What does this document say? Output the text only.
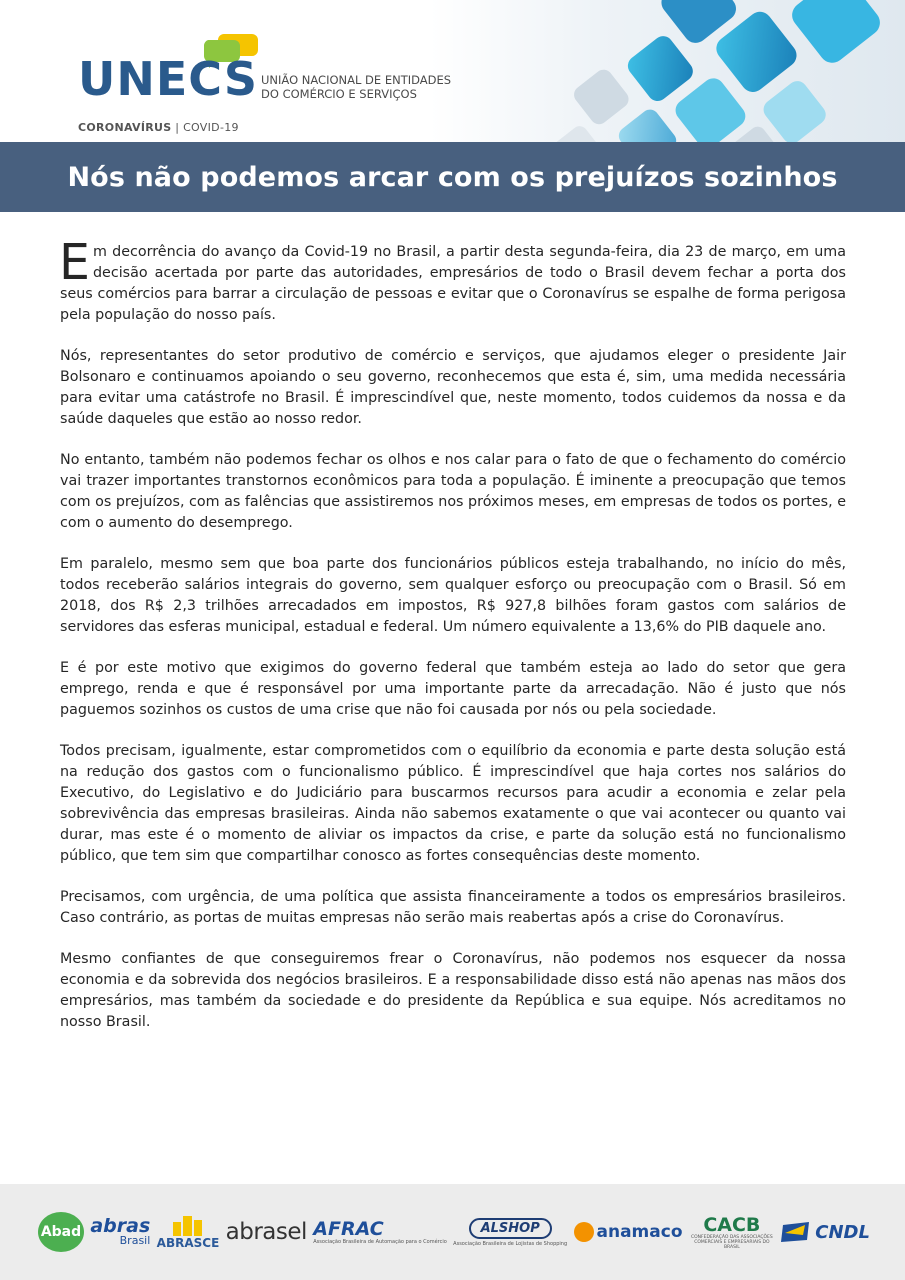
UNECS UNIÃO NACIONAL DE ENTIDADES
DO COMÉRCIO E SERVIÇOS
CORONAVÍRUS | COVID-19
Nós não podemos arcar com os prejuízos sozinhos

Em decorrência do avanço da Covid-19 no Brasil, a partir desta segunda-feira, dia 23 de março, em uma decisão acertada por parte das autoridades, empresários de todo o Brasil devem fechar a porta dos seus comércios para barrar a circulação de pessoas e evitar que o Coronavírus se espalhe de forma perigosa pela população do nosso país.

Nós, representantes do setor produtivo de comércio e serviços, que ajudamos eleger o presidente Jair Bolsonaro e continuamos apoiando o seu governo, reconhecemos que esta é, sim, uma medida necessária para evitar uma catástrofe no Brasil. É imprescindível que, neste momento, todos cuidemos da nossa e da saúde daqueles que estão ao nosso redor.

No entanto, também não podemos fechar os olhos e nos calar para o fato de que o fechamento do comércio vai trazer importantes transtornos econômicos para toda a população. É iminente a preocupação que temos com os prejuízos, com as falências que assistiremos nos próximos meses, em empresas de todos os portes, e com o aumento do desemprego.

Em paralelo, mesmo sem que boa parte dos funcionários públicos esteja trabalhando, no início do mês, todos receberão salários integrais do governo, sem qualquer esforço ou preocupação com o Brasil. Só em 2018, dos R$ 2,3 trilhões arrecadados em impostos, R$ 927,8 bilhões foram gastos com salários de servidores das esferas municipal, estadual e federal. Um número equivalente a 13,6% do PIB daquele ano.

E é por este motivo que exigimos do governo federal que também esteja ao lado do setor que gera emprego, renda e que é responsável por uma importante parte da arrecadação. Não é justo que nós paguemos sozinhos os custos de uma crise que não foi causada por nós ou pela sociedade.

Todos precisam, igualmente, estar comprometidos com o equilíbrio da economia e parte desta solução está na redução dos gastos com o funcionalismo público. É imprescindível que haja cortes nos salários do Executivo, do Legislativo e do Judiciário para buscarmos recursos para acudir a economia e zelar pela sobrevivência das empresas brasileiras. Ainda não sabemos exatamente o que vai acontecer ou quanto vai durar, mas este é o momento de aliviar os impactos da crise, e parte da solução está no funcionalismo público, que tem sim que compartilhar conosco as fortes consequências deste momento.

Precisamos, com urgência, de uma política que assista financeiramente a todos os empresários brasileiros. Caso contrário, as portas de muitas empresas não serão mais reabertas após a crise do Coronavírus.

Mesmo confiantes de que conseguiremos frear o Coronavírus, não podemos nos esquecer da nossa economia e da sobrevida dos negócios brasileiros. E a responsabilidade disso está não apenas nas mãos dos empresários, mas também da sociedade e do presidente da República e sua equipe. Nós acreditamos no nosso Brasil.

Abad abras
Brasil ABRASCE abrasel AFRAC
Associação Brasileira de Automação para o Comércio
ALSHOP
Associação Brasileira de Lojistas de Shopping
anamaco CACB
CONFEDERAÇÃO DAS ASSOCIAÇÕES COMERCIAIS E EMPRESARIAIS DO BRASIL
CNDL
